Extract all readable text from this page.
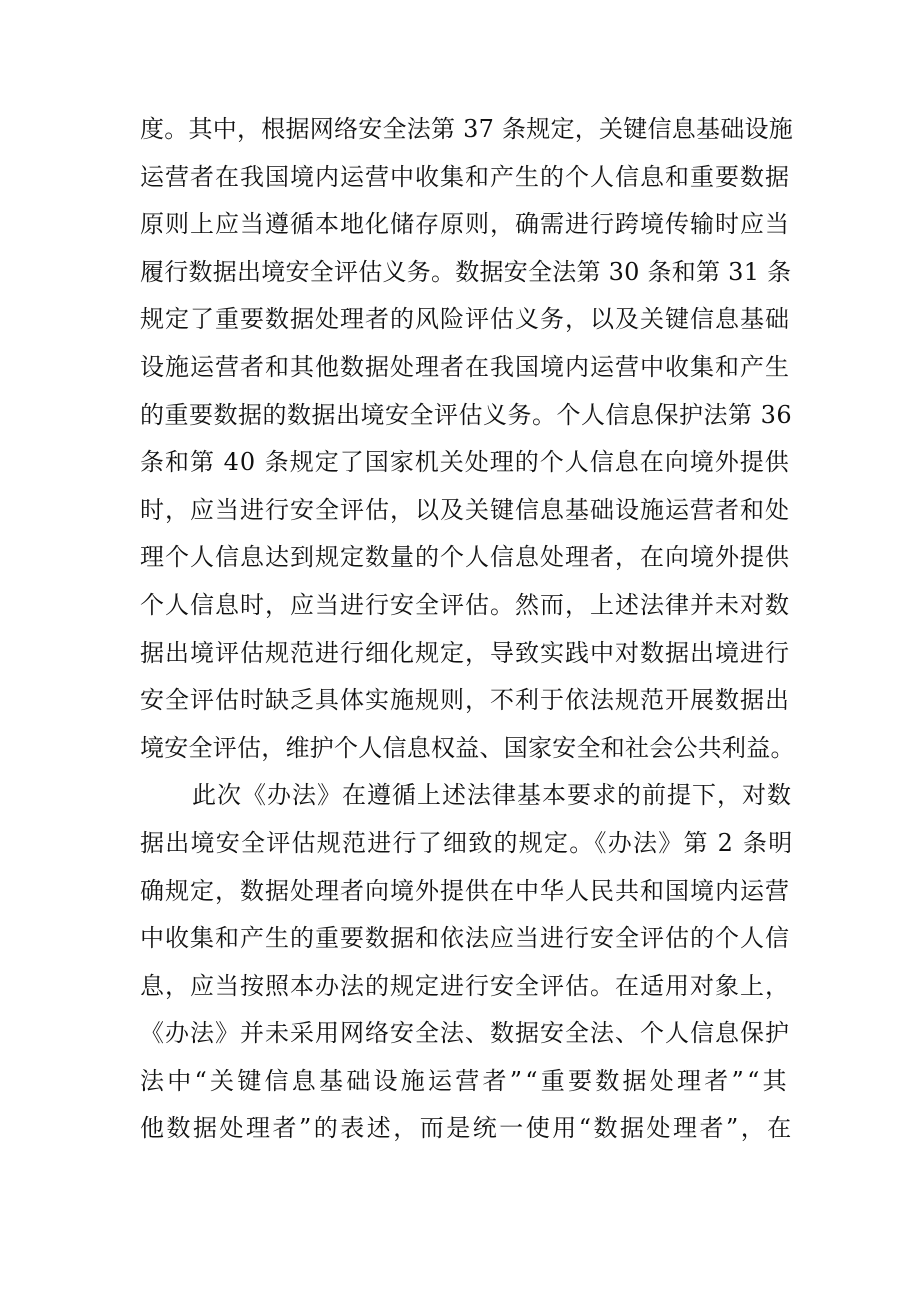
度。其中，根据网络安全法第 37 条规定，关键信息基础设施
运营者在我国境内运营中收集和产生的个人信息和重要数据
原则上应当遵循本地化储存原则，确需进行跨境传输时应当
履行数据出境安全评估义务。数据安全法第 30 条和第 31 条
规定了重要数据处理者的风险评估义务，以及关键信息基础
设施运营者和其他数据处理者在我国境内运营中收集和产生
的重要数据的数据出境安全评估义务。个人信息保护法第 36
条和第 40 条规定了国家机关处理的个人信息在向境外提供
时，应当进行安全评估，以及关键信息基础设施运营者和处
理个人信息达到规定数量的个人信息处理者，在向境外提供
个人信息时，应当进行安全评估。然而，上述法律并未对数
据出境评估规范进行细化规定，导致实践中对数据出境进行
安全评估时缺乏具体实施规则，不利于依法规范开展数据出
境安全评估，维护个人信息权益、国家安全和社会公共利益。
此次《办法》在遵循上述法律基本要求的前提下，对数
据出境安全评估规范进行了细致的规定。《办法》第 2 条明
确规定，数据处理者向境外提供在中华人民共和国境内运营
中收集和产生的重要数据和依法应当进行安全评估的个人信
息，应当按照本办法的规定进行安全评估。在适用对象上，
《办法》并未采用网络安全法、数据安全法、个人信息保护
法中“关键信息基础设施运营者”“重要数据处理者”“其
他数据处理者”的表述，而是统一使用“数据处理者”，在
